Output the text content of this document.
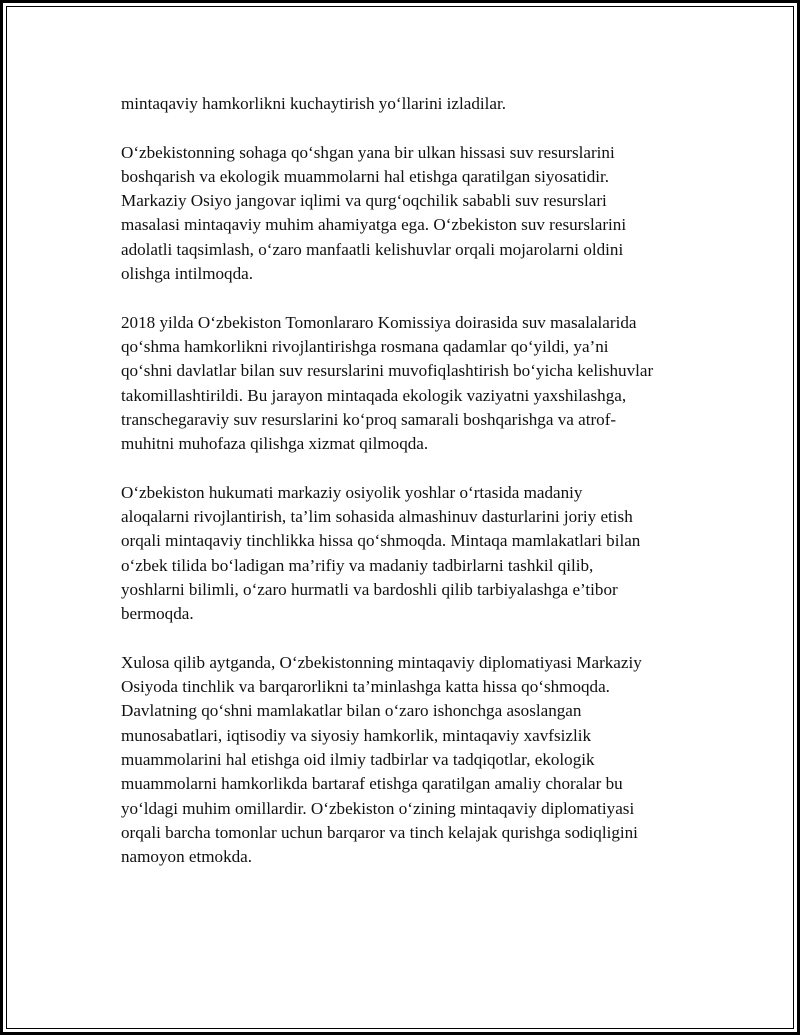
mintaqaviy hamkorlikni kuchaytirish yo‘llarini izladilar.

O‘zbekistonning sohaga qo‘shgan yana bir ulkan hissasi suv resurslarini
boshqarish va ekologik muammolarni hal etishga qaratilgan siyosatidir.
Markaziy Osiyo jangovar iqlimi va qurg‘oqchilik sababli suv resurslari
masalasi mintaqaviy muhim ahamiyatga ega. O‘zbekiston suv resurslarini
adolatli taqsimlash, o‘zaro manfaatli kelishuvlar orqali mojarolarni oldini
olishga intilmoqda.

2018 yilda O‘zbekiston Tomonlararo Komissiya doirasida suv masalalarida
qo‘shma hamkorlikni rivojlantirishga rosmana qadamlar qo‘yildi, ya’ni
qo‘shni davlatlar bilan suv resurslarini muvofiqlashtirish bo‘yicha kelishuvlar
takomillashtirildi. Bu jarayon mintaqada ekologik vaziyatni yaxshilashga,
transchegaraviy suv resurslarini ko‘proq samarali boshqarishga va atrof-
muhitni muhofaza qilishga xizmat qilmoqda.

O‘zbekiston hukumati markaziy osiyolik yoshlar o‘rtasida madaniy
aloqalarni rivojlantirish, ta’lim sohasida almashinuv dasturlarini joriy etish
orqali mintaqaviy tinchlikka hissa qo‘shmoqda. Mintaqa mamlakatlari bilan
o‘zbek tilida bo‘ladigan ma’rifiy va madaniy tadbirlarni tashkil qilib,
yoshlarni bilimli, o‘zaro hurmatli va bardoshli qilib tarbiyalashga e’tibor
bermoqda.

Xulosa qilib aytganda, O‘zbekistonning mintaqaviy diplomatiyasi Markaziy
Osiyoda tinchlik va barqarorlikni ta’minlashga katta hissa qo‘shmoqda.
Davlatning qo‘shni mamlakatlar bilan o‘zaro ishonchga asoslangan
munosabatlari, iqtisodiy va siyosiy hamkorlik, mintaqaviy xavfsizlik
muammolarini hal etishga oid ilmiy tadbirlar va tadqiqotlar, ekologik
muammolarni hamkorlikda bartaraf etishga qaratilgan amaliy choralar bu
yo‘ldagi muhim omillardir. O‘zbekiston o‘zining mintaqaviy diplomatiyasi
orqali barcha tomonlar uchun barqaror va tinch kelajak qurishga sodiqligini
namoyon etmokda.
